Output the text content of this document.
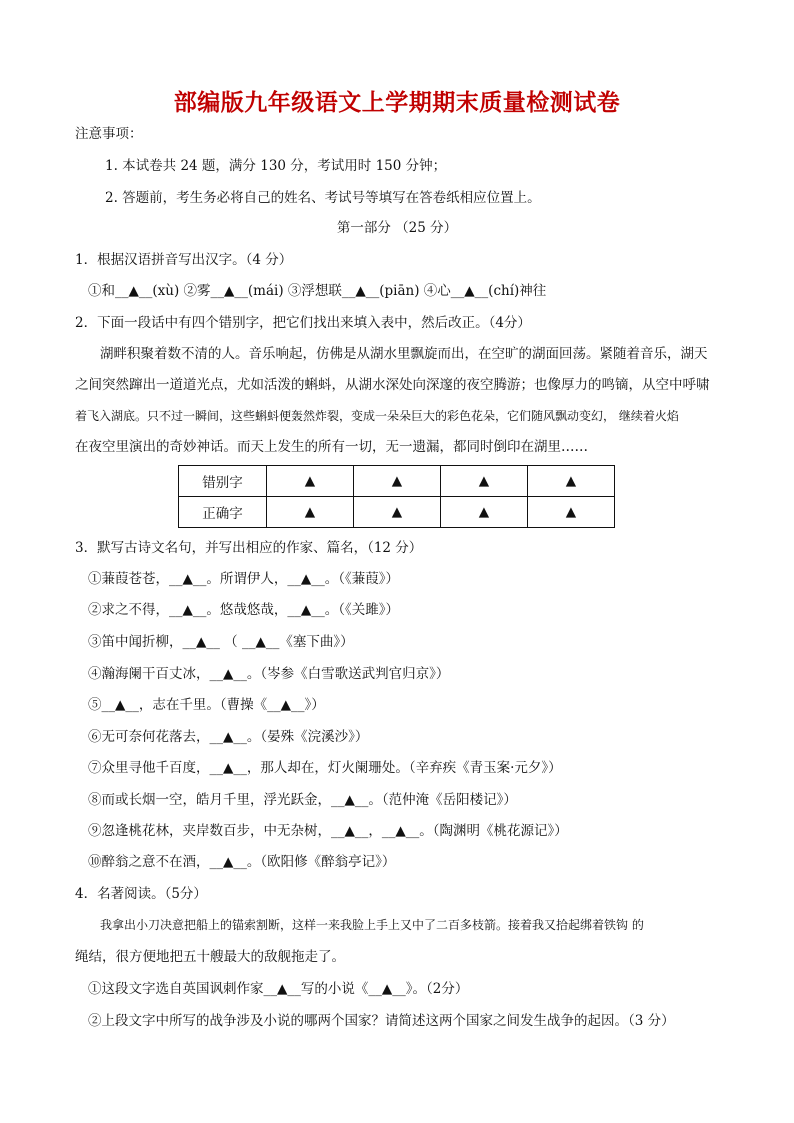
部编版九年级语文上学期期末质量检测试卷
注意事项：
1. 本试卷共 24 题，满分 130 分，考试用时 150 分钟；
2. 答题前，考生务必将自己的姓名、考试号等填写在答卷纸相应位置上。
第一部分 （25 分）
1．根据汉语拼音写出汉字。（4 分）
①和__▲__(xù) ②雾__▲__(mái) ③浮想联__▲__(piān) ④心__▲__(chí)神往
2．下面一段话中有四个错别字，把它们找出来填入表中，然后改正。（4分）
湖畔积聚着数不清的人。音乐响起，仿佛是从湖水里飘旋而出，在空旷的湖面回荡。紧随着音乐，湖天
之间突然蹿出一道道光点，尤如活泼的蝌蚪，从湖水深处向深邃的夜空腾游；也像厚力的鸣镝，从空中呼啸
着飞入湖底。只不过一瞬间，这些蝌蚪便轰然炸裂，变成一朵朵巨大的彩色花朵，它们随风飘动变幻， 继续着火焰
在夜空里演出的奇妙神话。而天上发生的所有一切，无一遗漏，都同时倒印在湖里……
错别字	▲	▲	▲	▲
正确字	▲	▲	▲	▲
3．默写古诗文名句，并写出相应的作家、篇名，（12 分）
①蒹葭苍苍，__▲__。所谓伊人，__▲__。（《蒹葭》）
②求之不得，__▲__。悠哉悠哉，__▲__。（《关雎》）
③笛中闻折柳，__▲__ （ __▲__《塞下曲》）
④瀚海阑干百丈冰，__▲__。（岑参《白雪歌送武判官归京》）
⑤__▲__，志在千里。（曹操《__▲__》）
⑥无可奈何花落去，__▲__。（晏殊《浣溪沙》）
⑦众里寻他千百度，__▲__，那人却在，灯火阑珊处。（辛弃疾《青玉案·元夕》）
⑧而或长烟一空，皓月千里，浮光跃金，__▲__。（范仲淹《岳阳楼记》）
⑨忽逢桃花林，夹岸数百步，中无杂树，__▲__，__▲__。（陶渊明《桃花源记》）
⑩醉翁之意不在酒，__▲__。（欧阳修《醉翁亭记》）
4．名著阅读。（5分）
我拿出小刀决意把船上的锚索割断，这样一来我脸上手上又中了二百多枝箭。接着我又拾起绑着铁钩 的
绳结，很方便地把五十艘最大的敌舰拖走了。
①这段文字选自英国讽刺作家__▲__写的小说《__▲__》。（2分）
②上段文字中所写的战争涉及小说的哪两个国家？请简述这两个国家之间发生战争的起因。（3 分）
